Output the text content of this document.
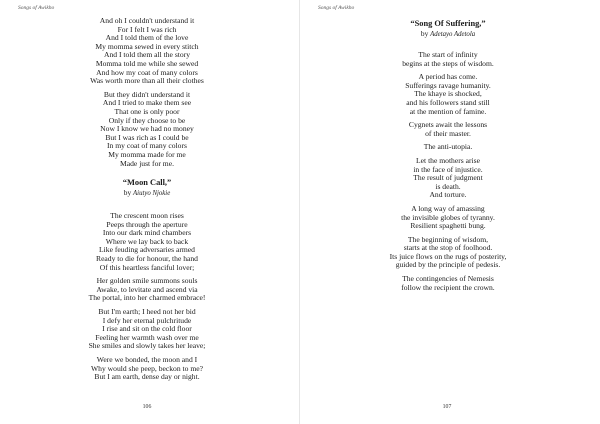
Songs of Awikho
And oh I couldn't understand it
For I felt I was rich
And I told them of the love
My momma sewed in every stitch
And I told them all the story
Momma told me while she sewed
And how my coat of many colors
Was worth more than all their clothes
But they didn't understand it
And I tried to make them see
That one is only poor
Only if they choose to be
Now I know we had no money
But I was rich as I could be
In my coat of many colors
My momma made for me
Made just for me.
“Moon Call,”
by Aiutyo Njokie
The crescent moon rises
Peeps through the aperture
Into our dark mind chambers
Where we lay back to back
Like feuding adversaries armed
Ready to die for honour, the hand
Of this heartless fanciful lover;
Her golden smile summons souls
Awake, to levitate and ascend via
The portal, into her charmed embrace!
But I'm earth; I heed not her bid
I defy her eternal pulchritude
I rise and sit on the cold floor
Feeling her warmth wash over me
She smiles and slowly takes her leave;
Were we bonded, the moon and I
Why would she peep, beckon to me?
But I am earth, dense day or night.
106
Songs of Awikho
“Song Of Suffering,”
by Adetayo Adetola
The start of infinity
begins at the steps of wisdom.
A period has come.
Sufferings ravage humanity.
The khaye is shocked,
and his followers stand still
at the mention of famine.
Cygnets await the lessons
of their master.
The anti-utopia.
Let the mothers arise
in the face of injustice.
The result of judgment
is death.
And torture.
A long way of amassing
the invisible globes of tyranny.
Resilient spaghetti bung.
The beginning of wisdom,
starts at the stop of foolhood.
Its juice flows on the rugs of posterity,
guided by the principle of pedesis.
The contingencies of Nemesis
follow the recipient the crown.
107
